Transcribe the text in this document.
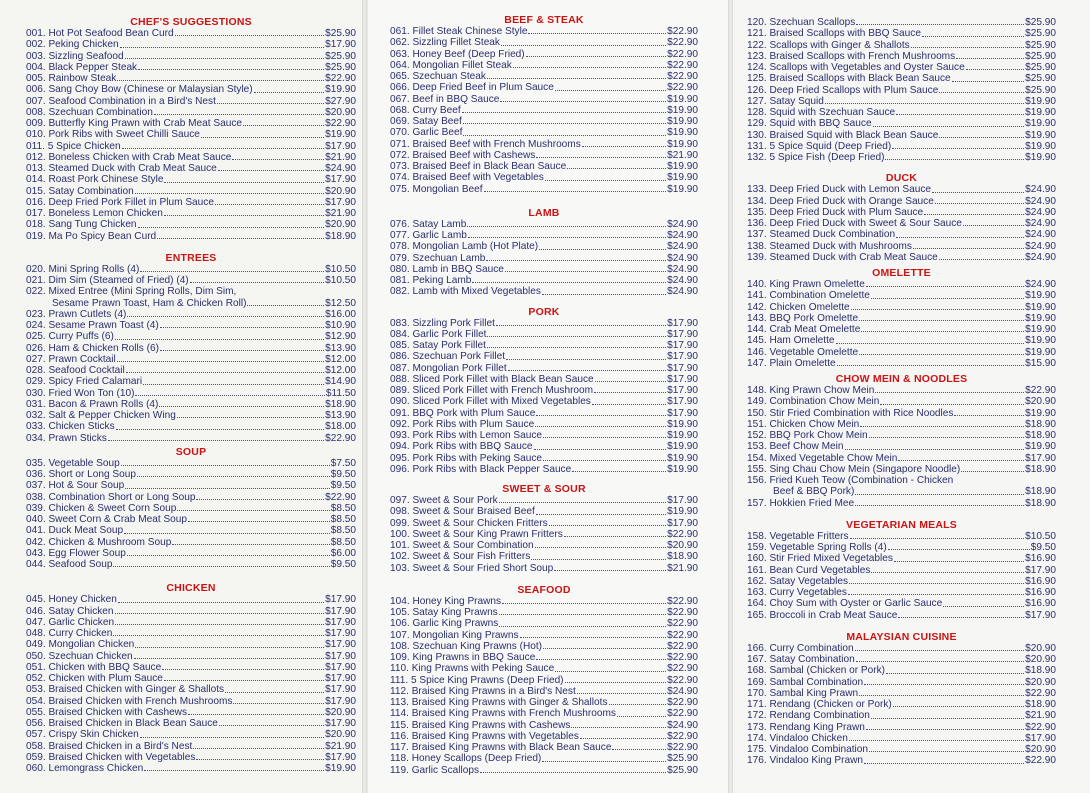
CHEF'S SUGGESTIONS
001. Hot Pot Seafood Bean Curd	$25.90
002. Peking Chicken	$17.90
003. Sizzling Seafood	$25.90
004. Black Pepper Steak	$25.90
005. Rainbow Steak	$22.90
006. Sang Choy Bow (Chinese or Malaysian Style)	$19.90
007. Seafood Combination in a Bird's Nest	$27.90
008. Szechuan Combination	$20.90
009. Butterfly King Prawn with Crab Meat Sauce	$22.90
010. Pork Ribs with Sweet Chilli Sauce	$19.90
011. 5 Spice Chicken	$17.90
012. Boneless Chicken with Crab Meat Sauce	$21.90
013. Steamed Duck with Crab Meat Sauce	$24.90
014. Roast Pork Chinese Style	$17.90
015. Satay Combination	$20.90
016. Deep Fried Pork Fillet in Plum Sauce	$17.90
017. Boneless Lemon Chicken	$21.90
018. Sang Tung Chicken	$20.90
019. Ma Po Spicy Bean Curd	$18.90
ENTREES
020. Mini Spring Rolls (4)	$10.50
021. Dim Sim (Steamed of Fried) (4)	$10.50
022. Mixed Entree (Mini Spring Rolls, Dim Sim,
Sesame Prawn Toast, Ham & Chicken Roll)	$12.50
023. Prawn Cutlets (4)	$16.00
024. Sesame Prawn Toast (4)	$10.90
025. Curry Puffs (6)	$12.90
026. Ham & Chicken Rolls (6)	$13.90
027. Prawn Cocktail	$12.00
028. Seafood Cocktail	$12.00
029. Spicy Fried Calamari	$14.90
030. Fried Won Ton (10)	$11.50
031. Bacon & Prawn Rolls (4)	$18.90
032. Salt & Pepper Chicken Wing	$13.90
033. Chicken Sticks	$18.00
034. Prawn Sticks	$22.90
SOUP
035. Vegetable Soup	$7.50
036. Short or Long Soup	$9.50
037. Hot & Sour Soup	$9.50
038. Combination Short or Long Soup	$22.90
039. Chicken & Sweet Corn Soup	$8.50
040. Sweet Corn & Crab Meat Soup	$8.50
041. Duck Meat Soup	$8.50
042. Chicken & Mushroom Soup	$8.50
043. Egg Flower Soup	$6.00
044. Seafood Soup	$9.50
CHICKEN
045. Honey Chicken	$17.90
046. Satay Chicken	$17.90
047. Garlic Chicken	$17.90
048. Curry Chicken	$17.90
049. Mongolian Chicken	$17.90
050. Szechuan Chicken	$17.90
051. Chicken with BBQ Sauce	$17.90
052. Chicken with Plum Sauce	$17.90
053. Braised Chicken with Ginger & Shallots	$17.90
054. Braised Chicken with French Mushrooms	$17.90
055. Braised Chicken with Cashews	$20.90
056. Braised Chicken in Black Bean Sauce	$17.90
057. Crispy Skin Chicken	$20.90
058. Braised Chicken in a Bird's Nest	$21.90
059. Braised Chicken with Vegetables	$17.90
060. Lemongrass Chicken	$19.90
BEEF & STEAK
061. Fillet Steak Chinese Style	$22.90
062. Sizzling Fillet Steak	$22.90
063. Honey Beef (Deep Fried)	$22.90
064. Mongolian Fillet Steak	$22.90
065. Szechuan Steak	$22.90
066. Deep Fried Beef in Plum Sauce	$22.90
067. Beef in BBQ Sauce	$19.90
068. Curry Beef	$19.90
069. Satay Beef	$19.90
070. Garlic Beef	$19.90
071. Braised Beef with French Mushrooms	$19.90
072. Braised Beef with Cashews	$21.90
073. Braised Beef in Black Bean Sauce	$19.90
074. Braised Beef with Vegetables	$19.90
075. Mongolian Beef	$19.90
LAMB
076. Satay Lamb	$24.90
077. Garlic Lamb	$24.90
078. Mongolian Lamb (Hot Plate)	$24.90
079. Szechuan Lamb	$24.90
080. Lamb in BBQ Sauce	$24.90
081. Peking Lamb	$24.90
082. Lamb with Mixed Vegetables	$24.90
PORK
083. Sizzling Pork Fillet	$17.90
084. Garlic Pork Fillet	$17.90
085. Satay Pork Fillet	$17.90
086. Szechuan Pork Fillet	$17.90
087. Mongolian Pork Fillet	$17.90
088. Sliced Pork Fillet with Black Bean Sauce	$17.90
089. Sliced Pork Fillet with French Mushroom	$17.90
090. Sliced Pork Fillet with Mixed Vegetables	$17.90
091. BBQ Pork with Plum Sauce	$17.90
092. Pork Ribs with Plum Sauce	$19.90
093. Pork Ribs with Lemon Sauce	$19.90
094. Pork Ribs with BBQ Sauce	$19.90
095. Pork Ribs with Peking Sauce	$19.90
096. Pork Ribs with Black Pepper Sauce	$19.90
SWEET & SOUR
097. Sweet & Sour Pork	$17.90
098. Sweet & Sour Braised Beef	$19.90
099. Sweet & Sour Chicken Fritters	$17.90
100. Sweet & Sour King Prawn Fritters	$22.90
101. Sweet & Sour Combination	$20.90
102. Sweet & Sour Fish Fritters	$18.90
103. Sweet & Sour Fried Short Soup	$21.90
SEAFOOD
104. Honey King Prawns	$22.90
105. Satay King Prawns	$22.90
106. Garlic King Prawns	$22.90
107. Mongolian King Prawns	$22.90
108. Szechuan King Prawns (Hot)	$22.90
109. King Prawns in BBQ Sauce	$22.90
110. King Prawns with Peking Sauce	$22.90
111. 5 Spice King Prawns (Deep Fried)	$22.90
112. Braised King Prawns in a Bird's Nest	$24.90
113. Braised King Prawns with Ginger & Shallots	$22.90
114. Braised King Prawns with French Mushrooms	$22.90
115. Braised King Prawns with Cashews	$24.90
116. Braised King Prawns with Vegetables	$22.90
117. Braised King Prawns with Black Bean Sauce	$22.90
118. Honey Scallops (Deep Fried)	$25.90
119. Garlic Scallops	$25.90
120. Szechuan Scallops	$25.90
121. Braised Scallops with BBQ Sauce	$25.90
122. Scallops with Ginger & Shallots	$25.90
123. Braised Scallops with French Mushrooms	$25.90
124. Scallops with Vegetables and Oyster Sauce	$25.90
125. Braised Scallops with Black Bean Sauce	$25.90
126. Deep Fried Scallops with Plum Sauce	$25.90
127. Satay Squid	$19.90
128. Squid with Szechuan Sauce	$19.90
129. Squid with BBQ Sauce	$19.90
130. Braised Squid with Black Bean Sauce	$19.90
131. 5 Spice Squid (Deep Fried)	$19.90
132. 5 Spice Fish (Deep Fried)	$19.90
DUCK
133. Deep Fried Duck with Lemon Sauce	$24.90
134. Deep Fried Duck with Orange Sauce	$24.90
135. Deep Fried Duck with Plum Sauce	$24.90
136. Deep Fried Duck with Sweet & Sour Sauce	$24.90
137. Steamed Duck Combination	$24.90
138. Steamed Duck with Mushrooms	$24.90
139. Steamed Duck with Crab Meat Sauce	$24.90
OMELETTE
140. King Prawn Omelette	$24.90
141. Combination Omelette	$19.90
142. Chicken Omelette	$19.90
143. BBQ Pork Omelette	$19.90
144. Crab Meat Omelette	$19.90
145. Ham Omelette	$19.90
146. Vegetable Omelette	$19.90
147. Plain Omelette	$15.90
CHOW MEIN & NOODLES
148. King Prawn Chow Mein	$22.90
149. Combination Chow Mein	$20.90
150. Stir Fried Combination with Rice Noodles	$19.90
151. Chicken Chow Mein	$18.90
152. BBQ Pork Chow Mein	$18.90
153. Beef Chow Mein	$19.90
154. Mixed Vegetable Chow Mein	$17.90
155. Sing Chau Chow Mein (Singapore Noodle)	$18.90
156. Fried Kueh Teow (Combination - Chicken
Beef & BBQ Pork)	$18.90
157. Hokkien Fried Mee	$18.90
VEGETARIAN MEALS
158. Vegetable Fritters	$10.50
159. Vegetable Spring Rolls (4)	$9.50
160. Stir Fried Mixed Vegetables	$16.90
161. Bean Curd Vegetables	$17.90
162. Satay Vegetables	$16.90
163. Curry Vegetables	$16.90
164. Choy Sum with Oyster or Garlic Sauce	$16.90
165. Broccoli in Crab Meat Sauce	$17.90
MALAYSIAN CUISINE
166. Curry Combination	$20.90
167. Satay Combination	$20.90
168. Sambal (Chicken or Pork)	$18.90
169. Sambal Combination	$20.90
170. Sambal King Prawn	$22.90
171. Rendang (Chicken or Pork)	$18.90
172. Rendang Combination	$21.90
173. Rendang King Prawn	$22.90
174. Vindaloo Chicken	$17.90
175. Vindaloo Combination	$20.90
176. Vindaloo King Prawn	$22.90
